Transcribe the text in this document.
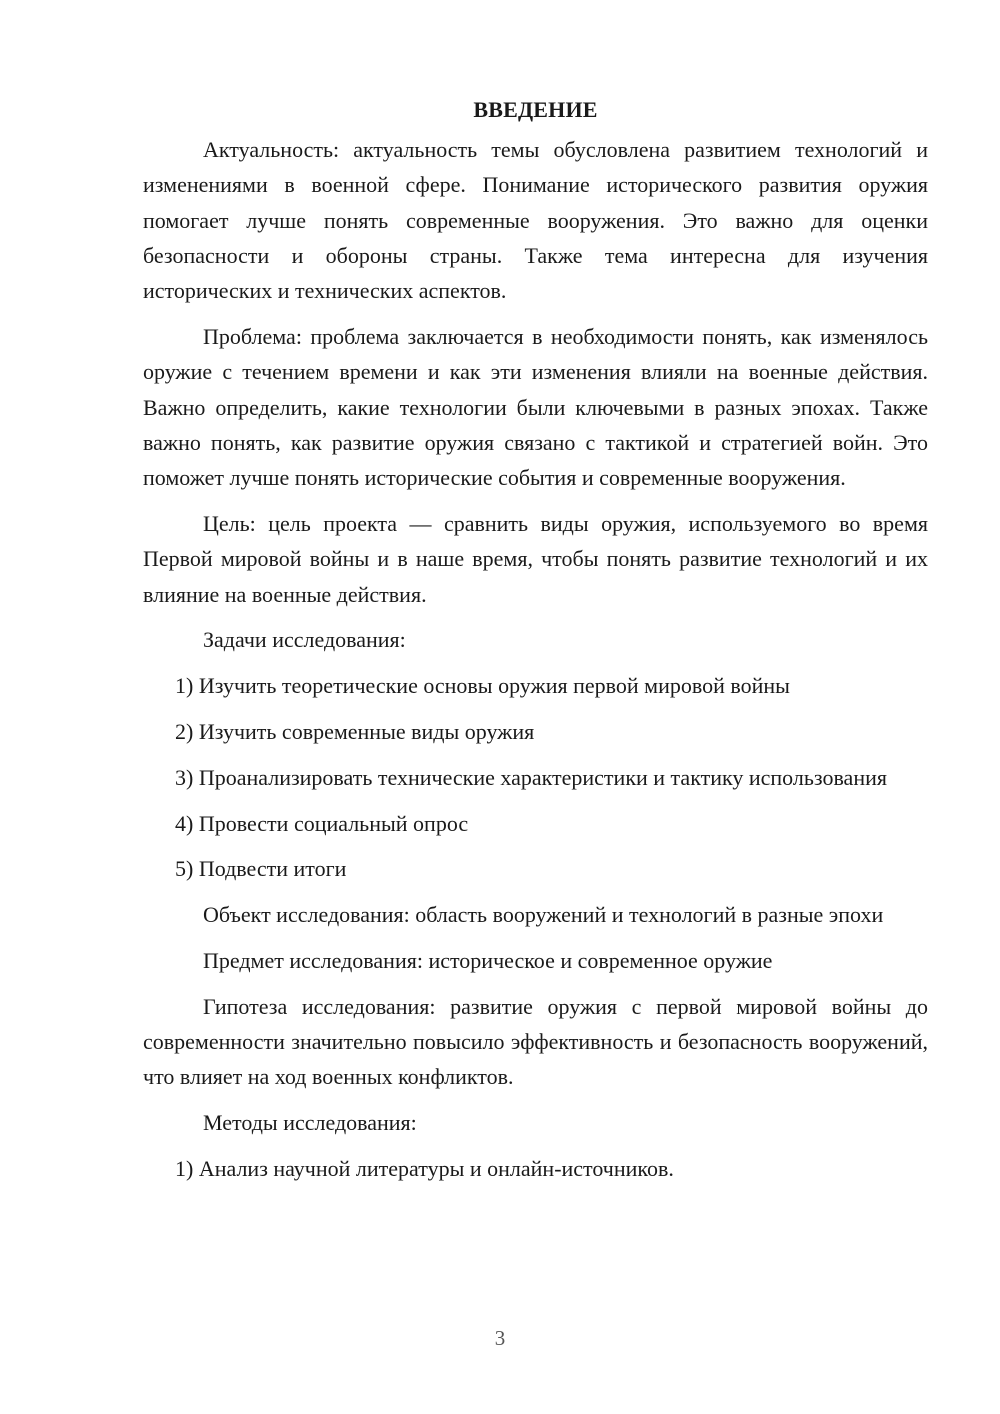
ВВЕДЕНИЕ

Актуальность: актуальность темы обусловлена развитием технологий и изменениями в военной сфере. Понимание исторического развития оружия помогает лучше понять современные вооружения. Это важно для оценки безопасности и обороны страны. Также тема интересна для изучения исторических и технических аспектов.

Проблема: проблема заключается в необходимости понять, как изменялось оружие с течением времени и как эти изменения влияли на военные действия. Важно определить, какие технологии были ключевыми в разных эпохах. Также важно понять, как развитие оружия связано с тактикой и стратегией войн. Это поможет лучше понять исторические события и современные вооружения.

Цель: цель проекта — сравнить виды оружия, используемого во время Первой мировой войны и в наше время, чтобы понять развитие технологий и их влияние на военные действия.

Задачи исследования:

1) Изучить теоретические основы оружия первой мировой войны

2) Изучить современные виды оружия

3) Проанализировать технические характеристики и тактику использования

4) Провести социальный опрос

5) Подвести итоги

Объект исследования: область вооружений и технологий в разные эпохи

Предмет исследования: историческое и современное оружие

Гипотеза исследования: развитие оружия с первой мировой войны до современности значительно повысило эффективность и безопасность вооружений, что влияет на ход военных конфликтов.

Методы исследования:

1) Анализ научной литературы и онлайн-источников.

3
